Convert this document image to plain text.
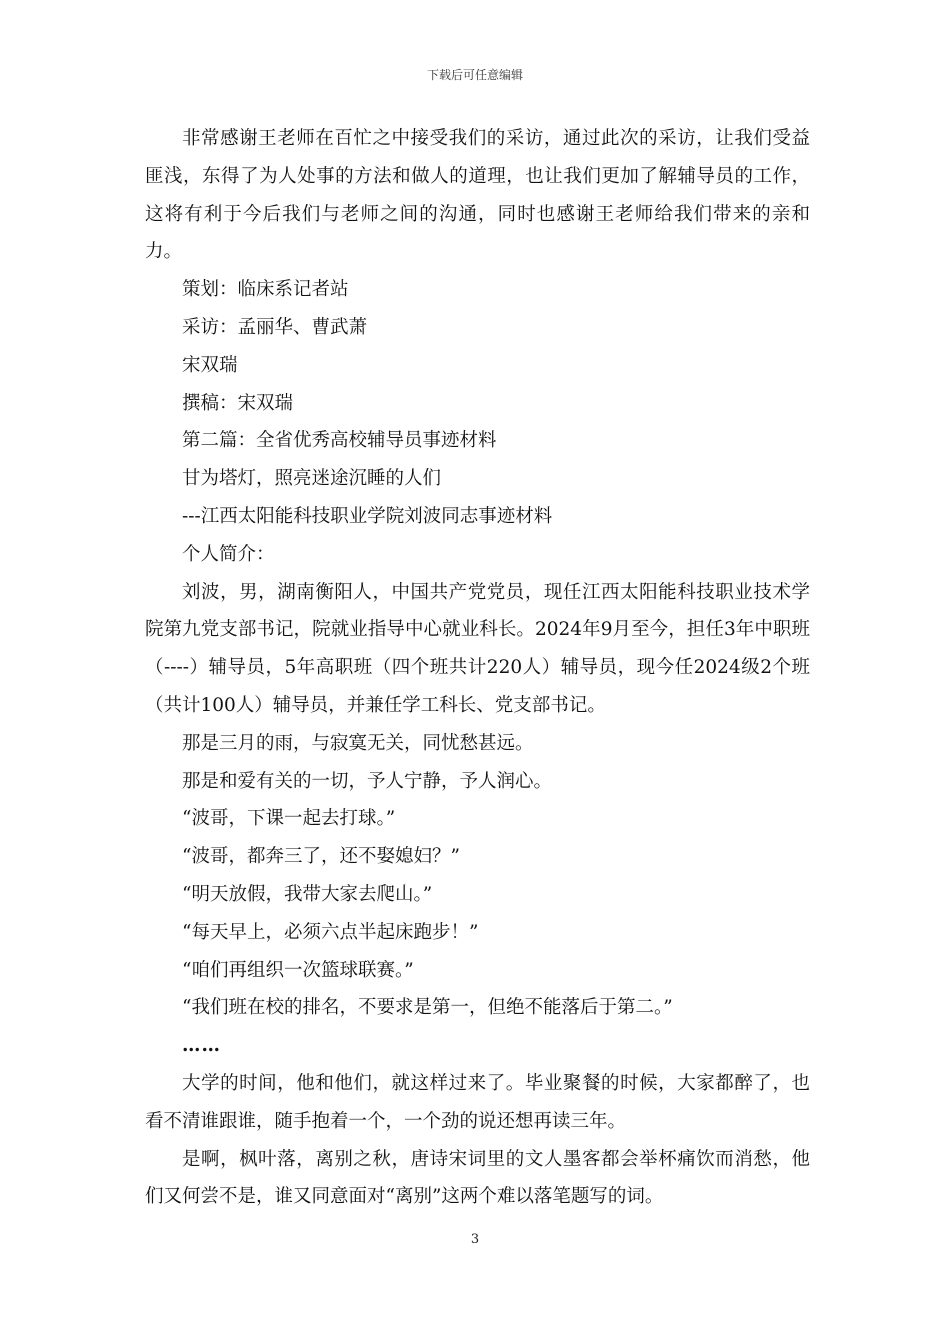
下载后可任意编辑

非常感谢王老师在百忙之中接受我们的采访，通过此次的采访，让我们受益匪浅，东得了为人处事的方法和做人的道理，也让我们更加了解辅导员的工作，这将有利于今后我们与老师之间的沟通，同时也感谢王老师给我们带来的亲和力。

策划：临床系记者站

采访：孟丽华、曹武萧

宋双瑞

撰稿：宋双瑞

第二篇：全省优秀高校辅导员事迹材料

甘为塔灯，照亮迷途沉睡的人们

---江西太阳能科技职业学院刘波同志事迹材料

个人简介：

刘波，男，湖南衡阳人，中国共产党党员，现任江西太阳能科技职业技术学院第九党支部书记，院就业指导中心就业科长。2024年9月至今，担任3年中职班（----）辅导员，5年高职班（四个班共计220人）辅导员，现今任2024级2个班（共计100人）辅导员，并兼任学工科长、党支部书记。

那是三月的雨，与寂寞无关，同忧愁甚远。

那是和爱有关的一切，予人宁静，予人润心。

“波哥，下课一起去打球。”

“波哥，都奔三了，还不娶媳妇？”

“明天放假，我带大家去爬山。”

“每天早上，必须六点半起床跑步！”

“咱们再组织一次篮球联赛。”

“我们班在校的排名，不要求是第一，但绝不能落后于第二。”

……

大学的时间，他和他们，就这样过来了。毕业聚餐的时候，大家都醉了，也看不清谁跟谁，随手抱着一个，一个劲的说还想再读三年。

是啊，枫叶落，离别之秋，唐诗宋词里的文人墨客都会举杯痛饮而消愁，他们又何尝不是，谁又同意面对“离别”这两个难以落笔题写的词。

3
